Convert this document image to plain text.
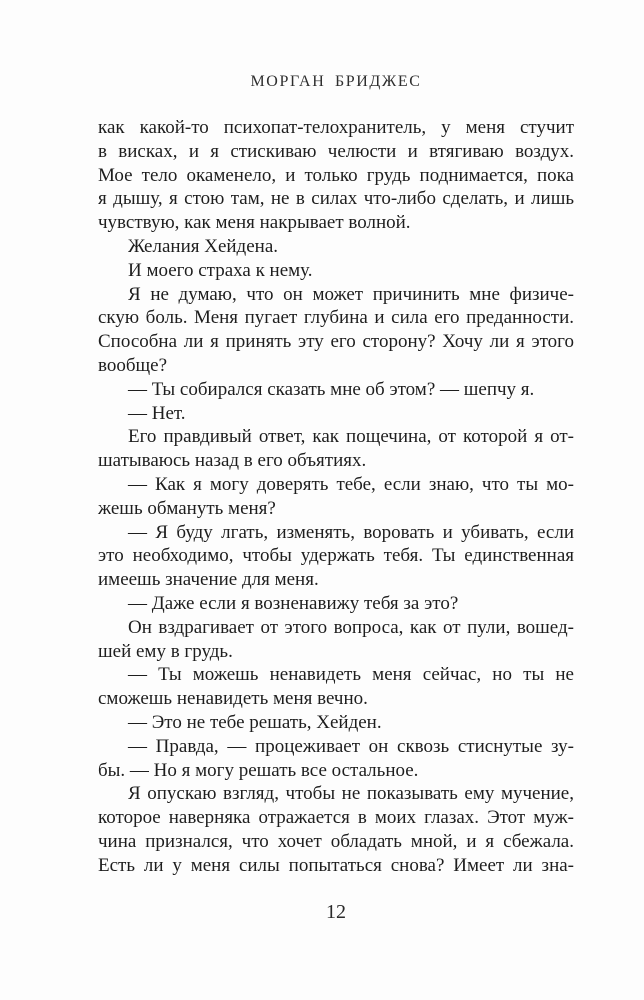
МОРГАН БРИДЖЕС
как какой-то психопат-телохранитель, у меня стучит
в висках, и я стискиваю челюсти и втягиваю воздух.
Мое тело окаменело, и только грудь поднимается, пока
я дышу, я стою там, не в силах что-либо сделать, и лишь
чувствую, как меня накрывает волной.
Желания Хейдена.
И моего страха к нему.
Я не думаю, что он может причинить мне физиче-
скую боль. Меня пугает глубина и сила его преданности.
Способна ли я принять эту его сторону? Хочу ли я этого
вообще?
— Ты собирался сказать мне об этом? — шепчу я.
— Нет.
Его правдивый ответ, как пощечина, от которой я от-
шатываюсь назад в его объятиях.
— Как я могу доверять тебе, если знаю, что ты мо-
жешь обмануть меня?
— Я буду лгать, изменять, воровать и убивать, если
это необходимо, чтобы удержать тебя. Ты единственная
имеешь значение для меня.
— Даже если я возненавижу тебя за это?
Он вздрагивает от этого вопроса, как от пули, вошед-
шей ему в грудь.
— Ты можешь ненавидеть меня сейчас, но ты не
сможешь ненавидеть меня вечно.
— Это не тебе решать, Хейден.
— Правда, — процеживает он сквозь стиснутые зу-
бы. — Но я могу решать все остальное.
Я опускаю взгляд, чтобы не показывать ему мучение,
которое наверняка отражается в моих глазах. Этот муж-
чина признался, что хочет обладать мной, и я сбежала.
Есть ли у меня силы попытаться снова? Имеет ли зна-
12
